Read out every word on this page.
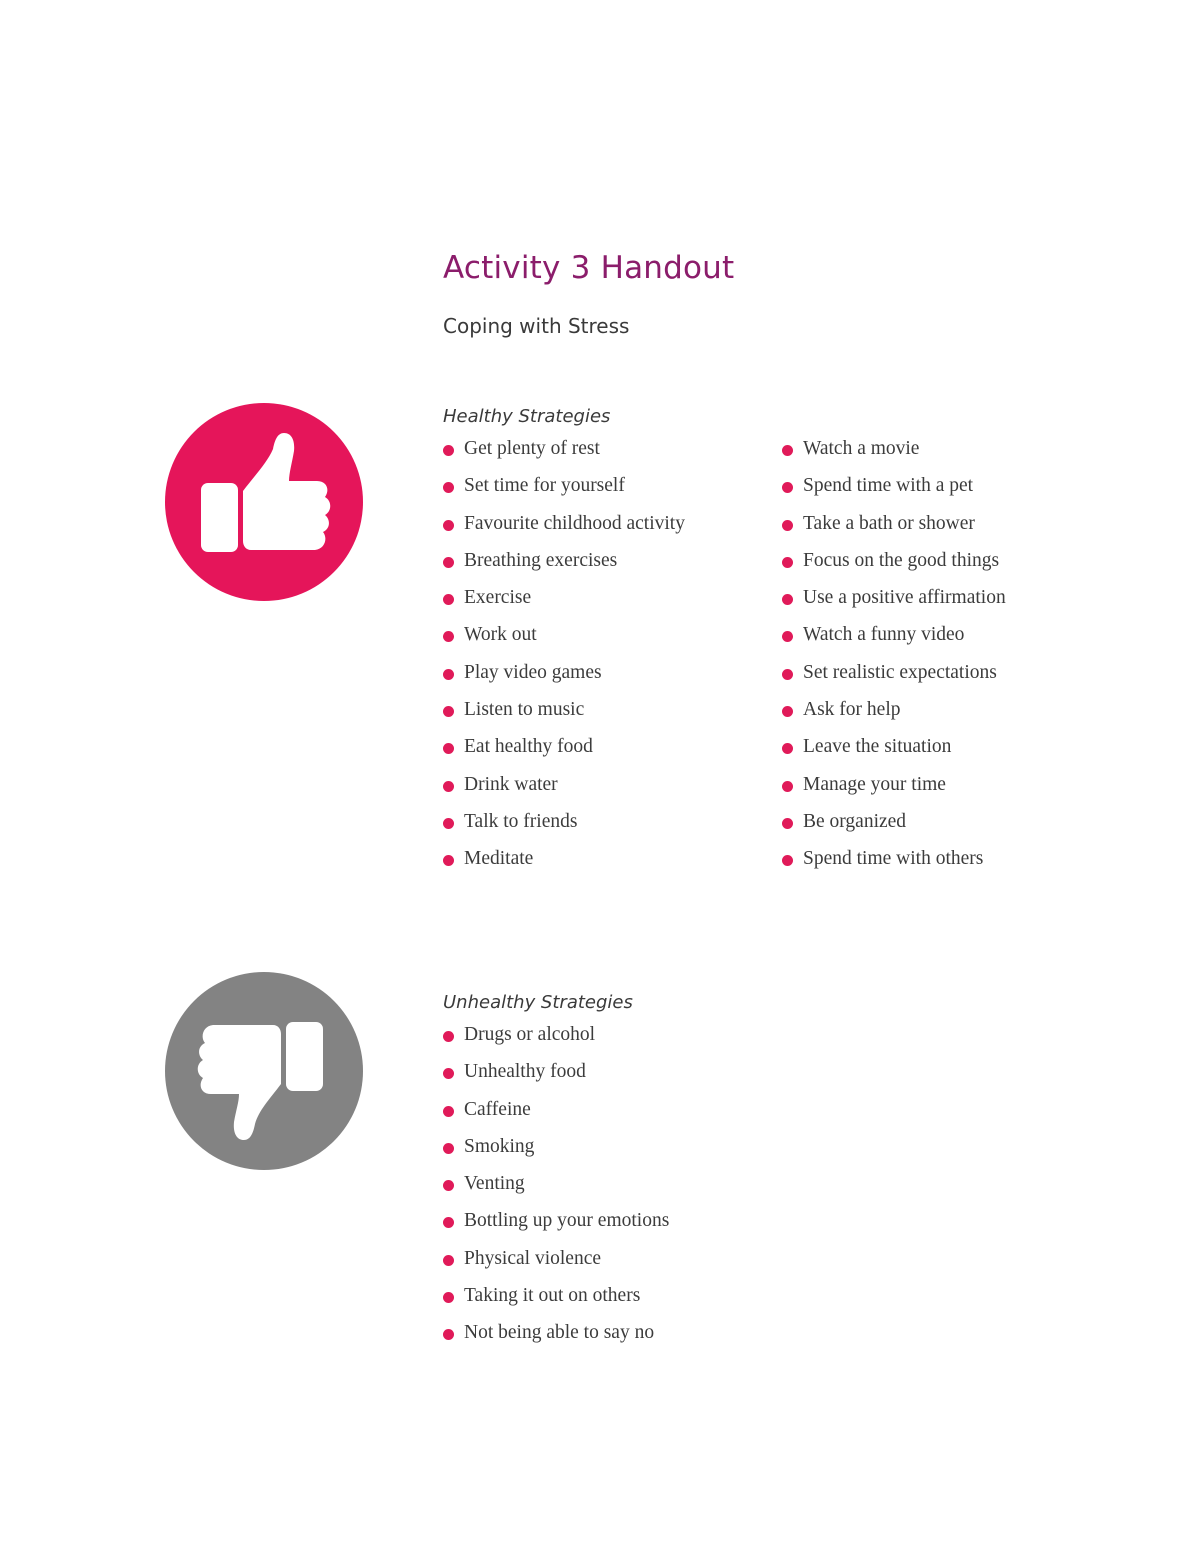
Activity 3 Handout
Coping with Stress
Healthy Strategies
Get plenty of rest
Set time for yourself
Favourite childhood activity
Breathing exercises
Exercise
Work out
Play video games
Listen to music
Eat healthy food
Drink water
Talk to friends
Meditate
Watch a movie
Spend time with a pet
Take a bath or shower
Focus on the good things
Use a positive affirmation
Watch a funny video
Set realistic expectations
Ask for help
Leave the situation
Manage your time
Be organized
Spend time with others
Unhealthy Strategies
Drugs or alcohol
Unhealthy food
Caffeine
Smoking
Venting
Bottling up your emotions
Physical violence
Taking it out on others
Not being able to say no
